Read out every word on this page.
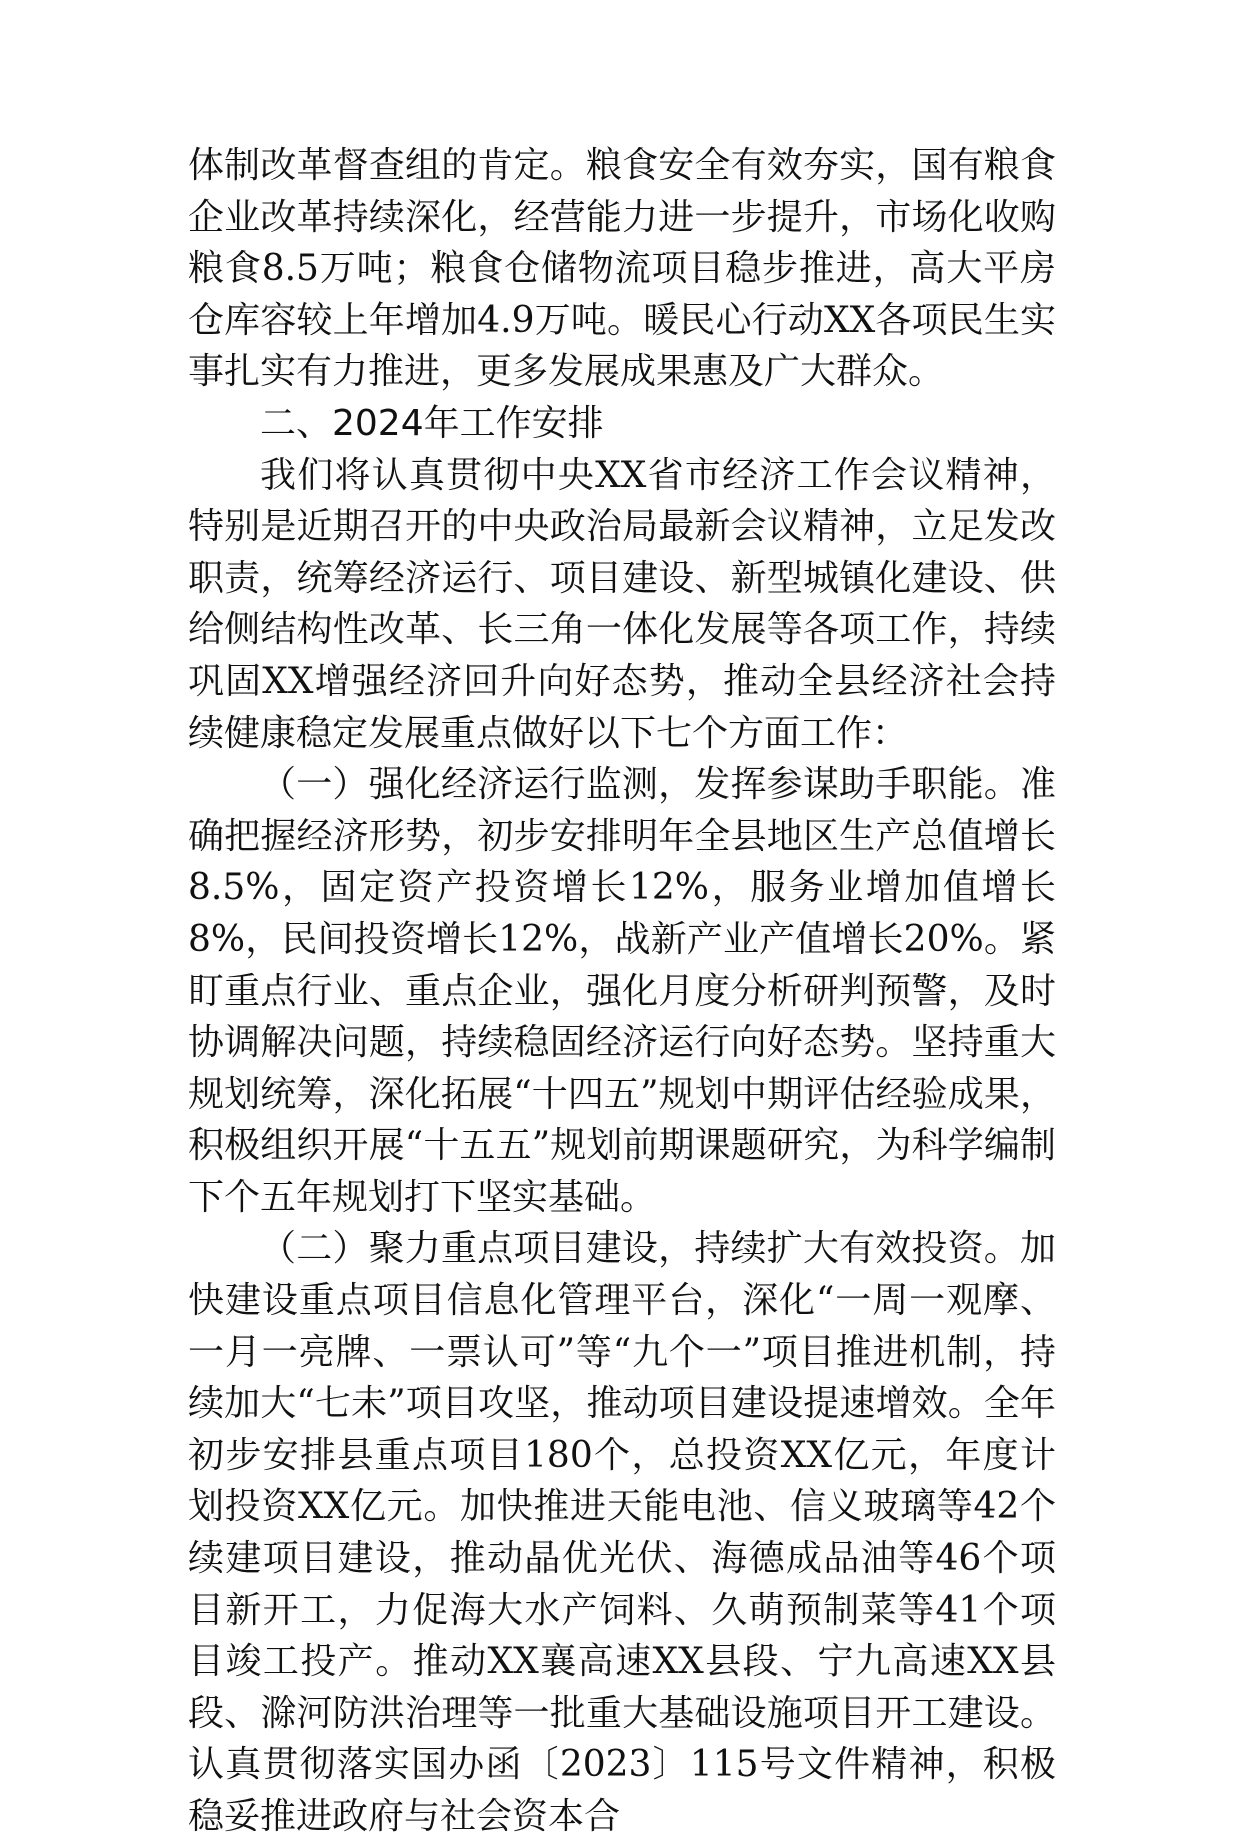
体制改革督查组的肯定。粮食安全有效夯实，国有粮食企业改革持续深化，经营能力进一步提升，市场化收购粮食8.5万吨；粮食仓储物流项目稳步推进，高大平房仓库容较上年增加4.9万吨。暖民心行动XX各项民生实事扎实有力推进，更多发展成果惠及广大群众。

二、2024年工作安排

我们将认真贯彻中央XX省市经济工作会议精神，特别是近期召开的中央政治局最新会议精神，立足发改职责，统筹经济运行、项目建设、新型城镇化建设、供给侧结构性改革、长三角一体化发展等各项工作，持续巩固XX增强经济回升向好态势，推动全县经济社会持续健康稳定发展重点做好以下七个方面工作：

（一）强化经济运行监测，发挥参谋助手职能。准确把握经济形势，初步安排明年全县地区生产总值增长8.5%，固定资产投资增长12%，服务业增加值增长8%，民间投资增长12%，战新产业产值增长20%。紧盯重点行业、重点企业，强化月度分析研判预警，及时协调解决问题，持续稳固经济运行向好态势。坚持重大规划统筹，深化拓展“十四五”规划中期评估经验成果，积极组织开展“十五五”规划前期课题研究，为科学编制下个五年规划打下坚实基础。

（二）聚力重点项目建设，持续扩大有效投资。加快建设重点项目信息化管理平台，深化“一周一观摩、一月一亮牌、一票认可”等“九个一”项目推进机制，持续加大“七未”项目攻坚，推动项目建设提速增效。全年初步安排县重点项目180个，总投资XX亿元，年度计划投资XX亿元。加快推进天能电池、信义玻璃等42个续建项目建设，推动晶优光伏、海德成品油等46个项目新开工，力促海大水产饲料、久萌预制菜等41个项目竣工投产。推动XX襄高速XX县段、宁九高速XX县段、滁河防洪治理等一批重大基础设施项目开工建设。认真贯彻落实国办函〔2023〕115号文件精神，积极稳妥推进政府与社会资本合
